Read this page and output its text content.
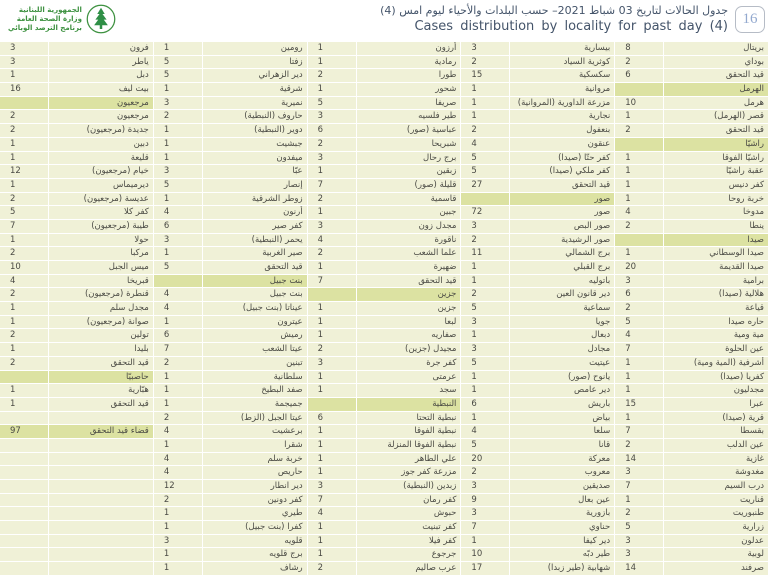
الجمهورية اللبنانية
وزارة الصحة العامة
برنامج الترصد الوبائي
جدول الحالات لتاريخ 03 شباط 2021– حسب البلدات والأحياء ليوم امس (4)
Cases distribution by locality for past day (4) 16
بريتال
8
بيسارية
3
أرزون
1
رومين
1
فرون
3
بوداي
2
كوثرية السياد
2
رمادية
1
زفتا
5
ياطر
3
قيد التحقق
6
سكسكية
15
طورا
2
دير الزهراني
5
دبل
1
الهرمل
مروانية
1
شحور
1
شرقية
1
بيت ليف
16
هرمل
10
مزرعة الداورية (المروانية)
1
صريفا
5
نميرية
3
مرجعيون
قصر (الهرمل)
1
نجارية
1
طير فلسيه
3
حاروف (النبطية)
2
مرجعيون
2
قيد التحقق
2
بنعفول
2
عباسية (صور)
6
دوير (النبطية)
1
جديدة (مرجعيون)
2
راشيّا
عنقون
4
شبريحا
2
جبشيت
1
دبين
1
راشيّا الفوقا
1
كفر حتّا (صيدا)
5
برج رحال
3
ميفدون
1
قليعة
1
عقبة راشيّا
1
كفر ملكي (صيدا)
5
زبقين
1
عبّا
3
خيام (مرجعيون)
12
كفر دنيس
1
قيد التحقق
27
قليلة (صور)
7
إنصار
5
ديرميماس
1
خربة روحا
1
صور
قاسمية
2
زوطر الشرقية
1
عديسة (مرجعيون)
2
مدوخا
4
صور
72
جبين
1
أرنون
4
كفر كلا
5
ينطا
2
صور البص
3
مجدل زون
3
كفر صير
6
طيبة (مرجعيون)
7
صيدا
صور الرشيدية
2
ناقورة
4
يحمر (النبطية)
3
حولا
1
صيدا الوسطاني
1
برج الشمالي
11
علما الشعب
2
صير الغربية
1
مركبا
2
صيدا القديمة
20
برج القبلي
1
ضهيرة
1
قيد التحقق
5
ميس الجبل
10
برامية
3
باتوليه
1
قيد التحقق
7
بنت جبيل
قبريخا
4
هلالية (صيدا)
6
دير قانون العين
2
جزين
بنت جبيل
4
قنطرة (مرجعيون)
2
قياعة
2
سماعية
5
جزين
1
عيناتا (بنت جبيل)
4
مجدل سلم
1
حاره صيدا
5
جويا
3
لبعا
1
عيترون
1
صوانة (مرجعيون)
1
مية ومية
4
دبعال
1
صفاريه
1
رميش
6
تولين
2
عين الحلوة
7
مجادل
3
مجيدل (جزين)
2
عيتا الشعب
7
بليدا
1
أشرفية (المية ومية)
1
عيتيت
5
كفر جرة
3
تبنين
2
قيد التحقق
2
كفريا (صيدا)
1
يانوح (صور)
1
عرمتى
1
سلطانية
1
حاصبيّا
مجدليون
1
دير عامص
1
سجد
1
صفد البطيخ
1
هبّارية
1
عبرا
15
باريش
6
النبطية
جميجمة
1
قيد التحقق
1
قرية (صيدا)
1
بياض
1
نبطية التحتا
6
عيتا الجبل (الزط)
2
بقسطا
7
سلعا
4
نبطية الفوقا
1
برعشيت
4
قضاء قيد التحقق
97
عين الدلب
2
قانا
5
نبطية الفوقا المنزلة
1
شقرا
1
غازية
14
معركة
20
علي الطاهر
1
خربة سلم
4
مغدوشة
3
معروب
2
مزرعة كفر جوز
1
حاريص
4
درب السيم
7
صديقين
3
زبدين (النبطية)
3
دير انطار
12
قناريت
1
عين بعال
9
كفر رمان
7
كفر دونين
2
طنبوريت
2
بازورية
3
حبوش
4
طيري
1
زرارية
5
حناوي
7
كفر تبنيت
1
كفرا (بنت جبيل)
1
عدلون
3
دير كيفا
1
كفر فيلا
1
قلويه
3
لوبية
3
طير دبّه
10
جرجوع
1
برج قلويه
1
صرفند
14
شهابية (طير زبدا)
17
عرب صاليم
2
رشاف
1
